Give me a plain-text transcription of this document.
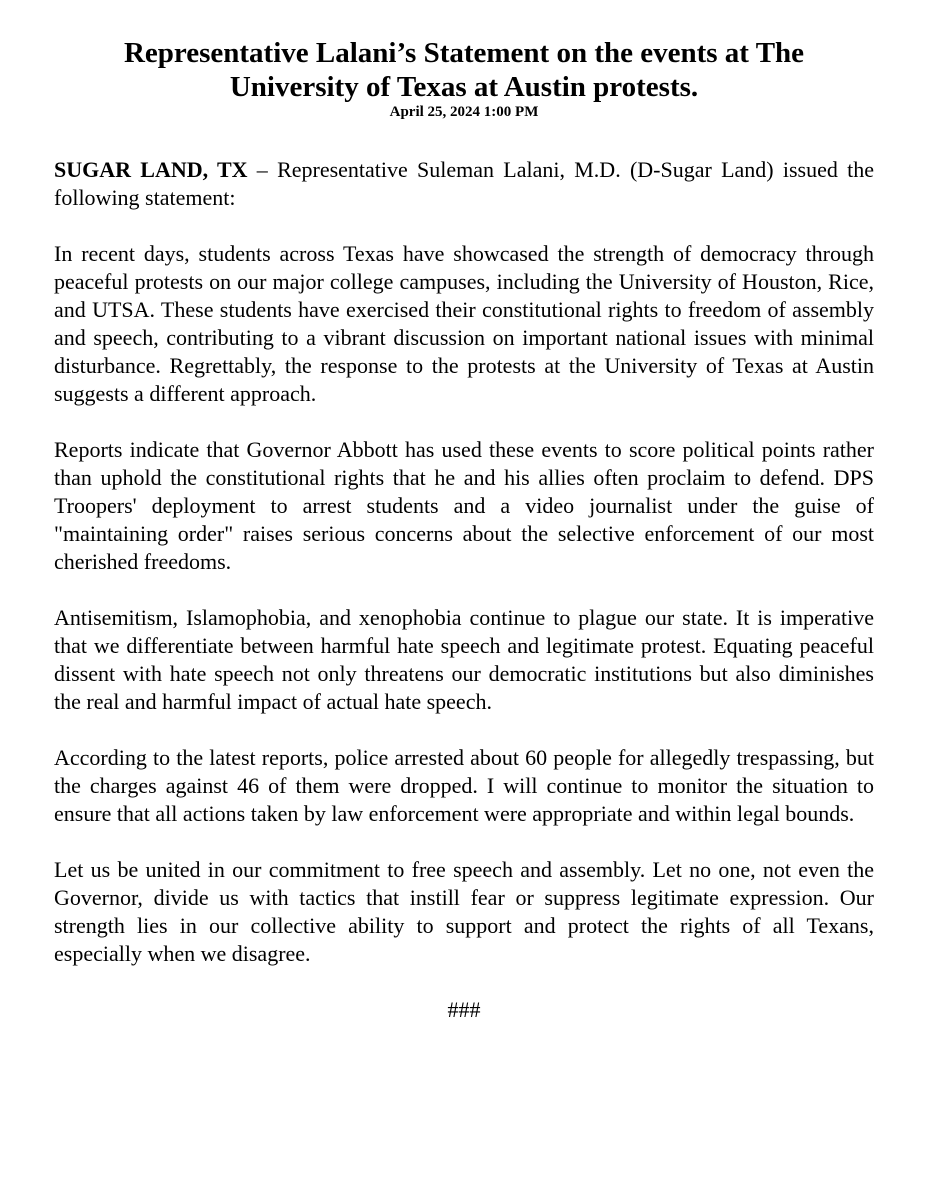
Representative Lalani’s Statement on the events at The
University of Texas at Austin protests.

April 25, 2024 1:00 PM

SUGAR LAND, TX – Representative Suleman Lalani, M.D. (D-Sugar Land) issued the following statement:

In recent days, students across Texas have showcased the strength of democracy through peaceful protests on our major college campuses, including the University of Houston, Rice, and UTSA. These students have exercised their constitutional rights to freedom of assembly and speech, contributing to a vibrant discussion on important national issues with minimal disturbance. Regrettably, the response to the protests at the University of Texas at Austin suggests a different approach.

Reports indicate that Governor Abbott has used these events to score political points rather than uphold the constitutional rights that he and his allies often proclaim to defend. DPS Troopers' deployment to arrest students and a video journalist under the guise of "maintaining order" raises serious concerns about the selective enforcement of our most cherished freedoms.

Antisemitism, Islamophobia, and xenophobia continue to plague our state. It is imperative that we differentiate between harmful hate speech and legitimate protest. Equating peaceful dissent with hate speech not only threatens our democratic institutions but also diminishes the real and harmful impact of actual hate speech.

According to the latest reports, police arrested about 60 people for allegedly trespassing, but the charges against 46 of them were dropped. I will continue to monitor the situation to ensure that all actions taken by law enforcement were appropriate and within legal bounds.

Let us be united in our commitment to free speech and assembly. Let no one, not even the Governor, divide us with tactics that instill fear or suppress legitimate expression. Our strength lies in our collective ability to support and protect the rights of all Texans, especially when we disagree.

###
